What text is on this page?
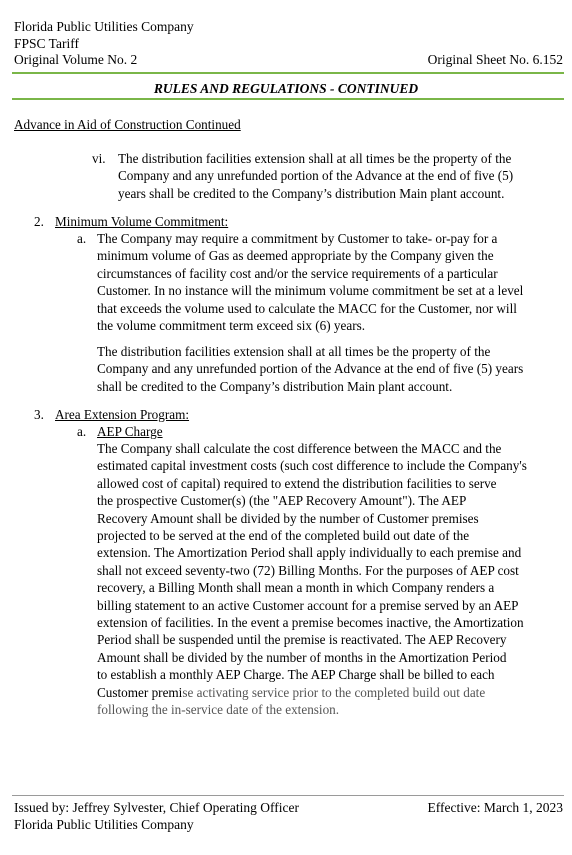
Florida Public Utilities Company
FPSC Tariff
Original Volume No. 2	Original Sheet No. 6.152
RULES AND REGULATIONS - CONTINUED
Advance in Aid of Construction Continued
vi. The distribution facilities extension shall at all times be the property of the
Company and any unrefunded portion of the Advance at the end of five (5)
years shall be credited to the Company’s distribution Main plant account.
2. Minimum Volume Commitment:
a. The Company may require a commitment by Customer to take- or-pay for a
minimum volume of Gas as deemed appropriate by the Company given the
circumstances of facility cost and/or the service requirements of a particular
Customer. In no instance will the minimum volume commitment be set at a level
that exceeds the volume used to calculate the MACC for the Customer, nor will
the volume commitment term exceed six (6) years.
The distribution facilities extension shall at all times be the property of the
Company and any unrefunded portion of the Advance at the end of five (5) years
shall be credited to the Company’s distribution Main plant account.
3. Area Extension Program:
a. AEP Charge
The Company shall calculate the cost difference between the MACC and the
estimated capital investment costs (such cost difference to include the Company's
allowed cost of capital) required to extend the distribution facilities to serve
the prospective Customer(s) (the "AEP Recovery Amount"). The AEP
Recovery Amount shall be divided by the number of Customer premises
projected to be served at the end of the completed build out date of the
extension. The Amortization Period shall apply individually to each premise and
shall not exceed seventy-two (72) Billing Months. For the purposes of AEP cost
recovery, a Billing Month shall mean a month in which Company renders a
billing statement to an active Customer account for a premise served by an AEP
extension of facilities. In the event a premise becomes inactive, the Amortization
Period shall be suspended until the premise is reactivated. The AEP Recovery
Amount shall be divided by the number of months in the Amortization Period
to establish a monthly AEP Charge. The AEP Charge shall be billed to each
Customer premise activating service prior to the completed build out date
following the in-service date of the extension.
Issued by: Jeffrey Sylvester, Chief Operating Officer	Effective: March 1, 2023
Florida Public Utilities Company
